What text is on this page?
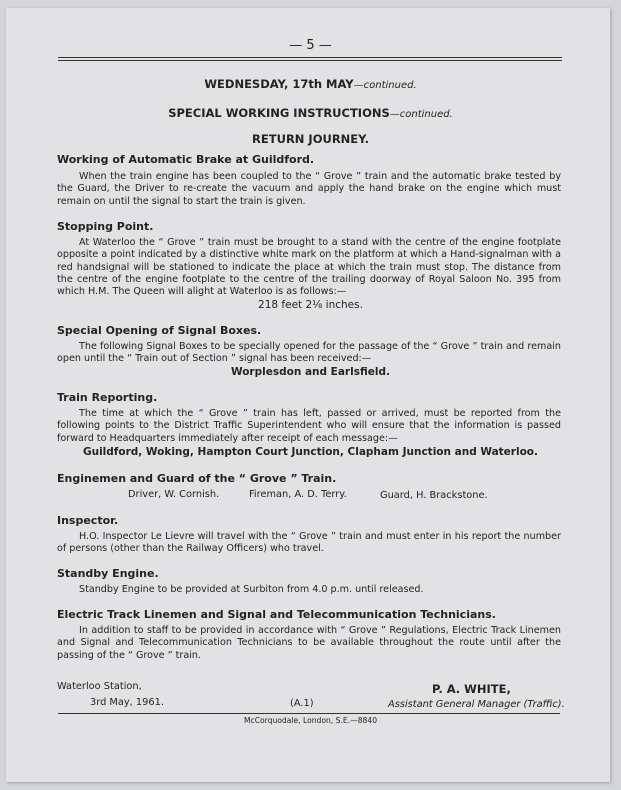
— 5 —
WEDNESDAY, 17th MAY—continued.
SPECIAL WORKING INSTRUCTIONS—continued.
RETURN JOURNEY.
Working of Automatic Brake at Guildford.
When the train engine has been coupled to the “ Grove ” train and the automatic brake tested by the Guard, the Driver to re-create the vacuum and apply the hand brake on the engine which must remain on until the signal to start the train is given.
Stopping Point.
At Waterloo the “ Grove ” train must be brought to a stand with the centre of the engine footplate opposite a point indicated by a distinctive white mark on the platform at which a Hand-signalman with a red handsignal will be stationed to indicate the place at which the train must stop. The distance from the centre of the engine footplate to the centre of the trailing doorway of Royal Saloon No. 395 from which H.M. The Queen will alight at Waterloo is as follows:—
218 feet 2⅛ inches.
Special Opening of Signal Boxes.
The following Signal Boxes to be specially opened for the passage of the “ Grove ” train and remain open until the “ Train out of Section ” signal has been received:—
Worplesdon and Earlsfield.
Train Reporting.
The time at which the “ Grove ” train has left, passed or arrived, must be reported from the following points to the District Traffic Superintendent who will ensure that the information is passed forward to Headquarters immediately after receipt of each message:—
Guildford, Woking, Hampton Court Junction, Clapham Junction and Waterloo.
Enginemen and Guard of the “ Grove ” Train.
Driver, W. Cornish.	Fireman, A. D. Terry.	Guard, H. Brackstone.
Inspector.
H.O. Inspector Le Lievre will travel with the “ Grove ” train and must enter in his report the number of persons (other than the Railway Officers) who travel.
Standby Engine.
Standby Engine to be provided at Surbiton from 4.0 p.m. until released.
Electric Track Linemen and Signal and Telecommunication Technicians.
In addition to staff to be provided in accordance with “ Grove ” Regulations, Electric Track Linemen and Signal and Telecommunication Technicians to be available throughout the route until after the passing of the “ Grove ” train.
Waterloo Station,
3rd May, 1961.	(A.1)
P. A. WHITE,
Assistant General Manager (Traffic).
McCorquodale, London, S.E.—8840
